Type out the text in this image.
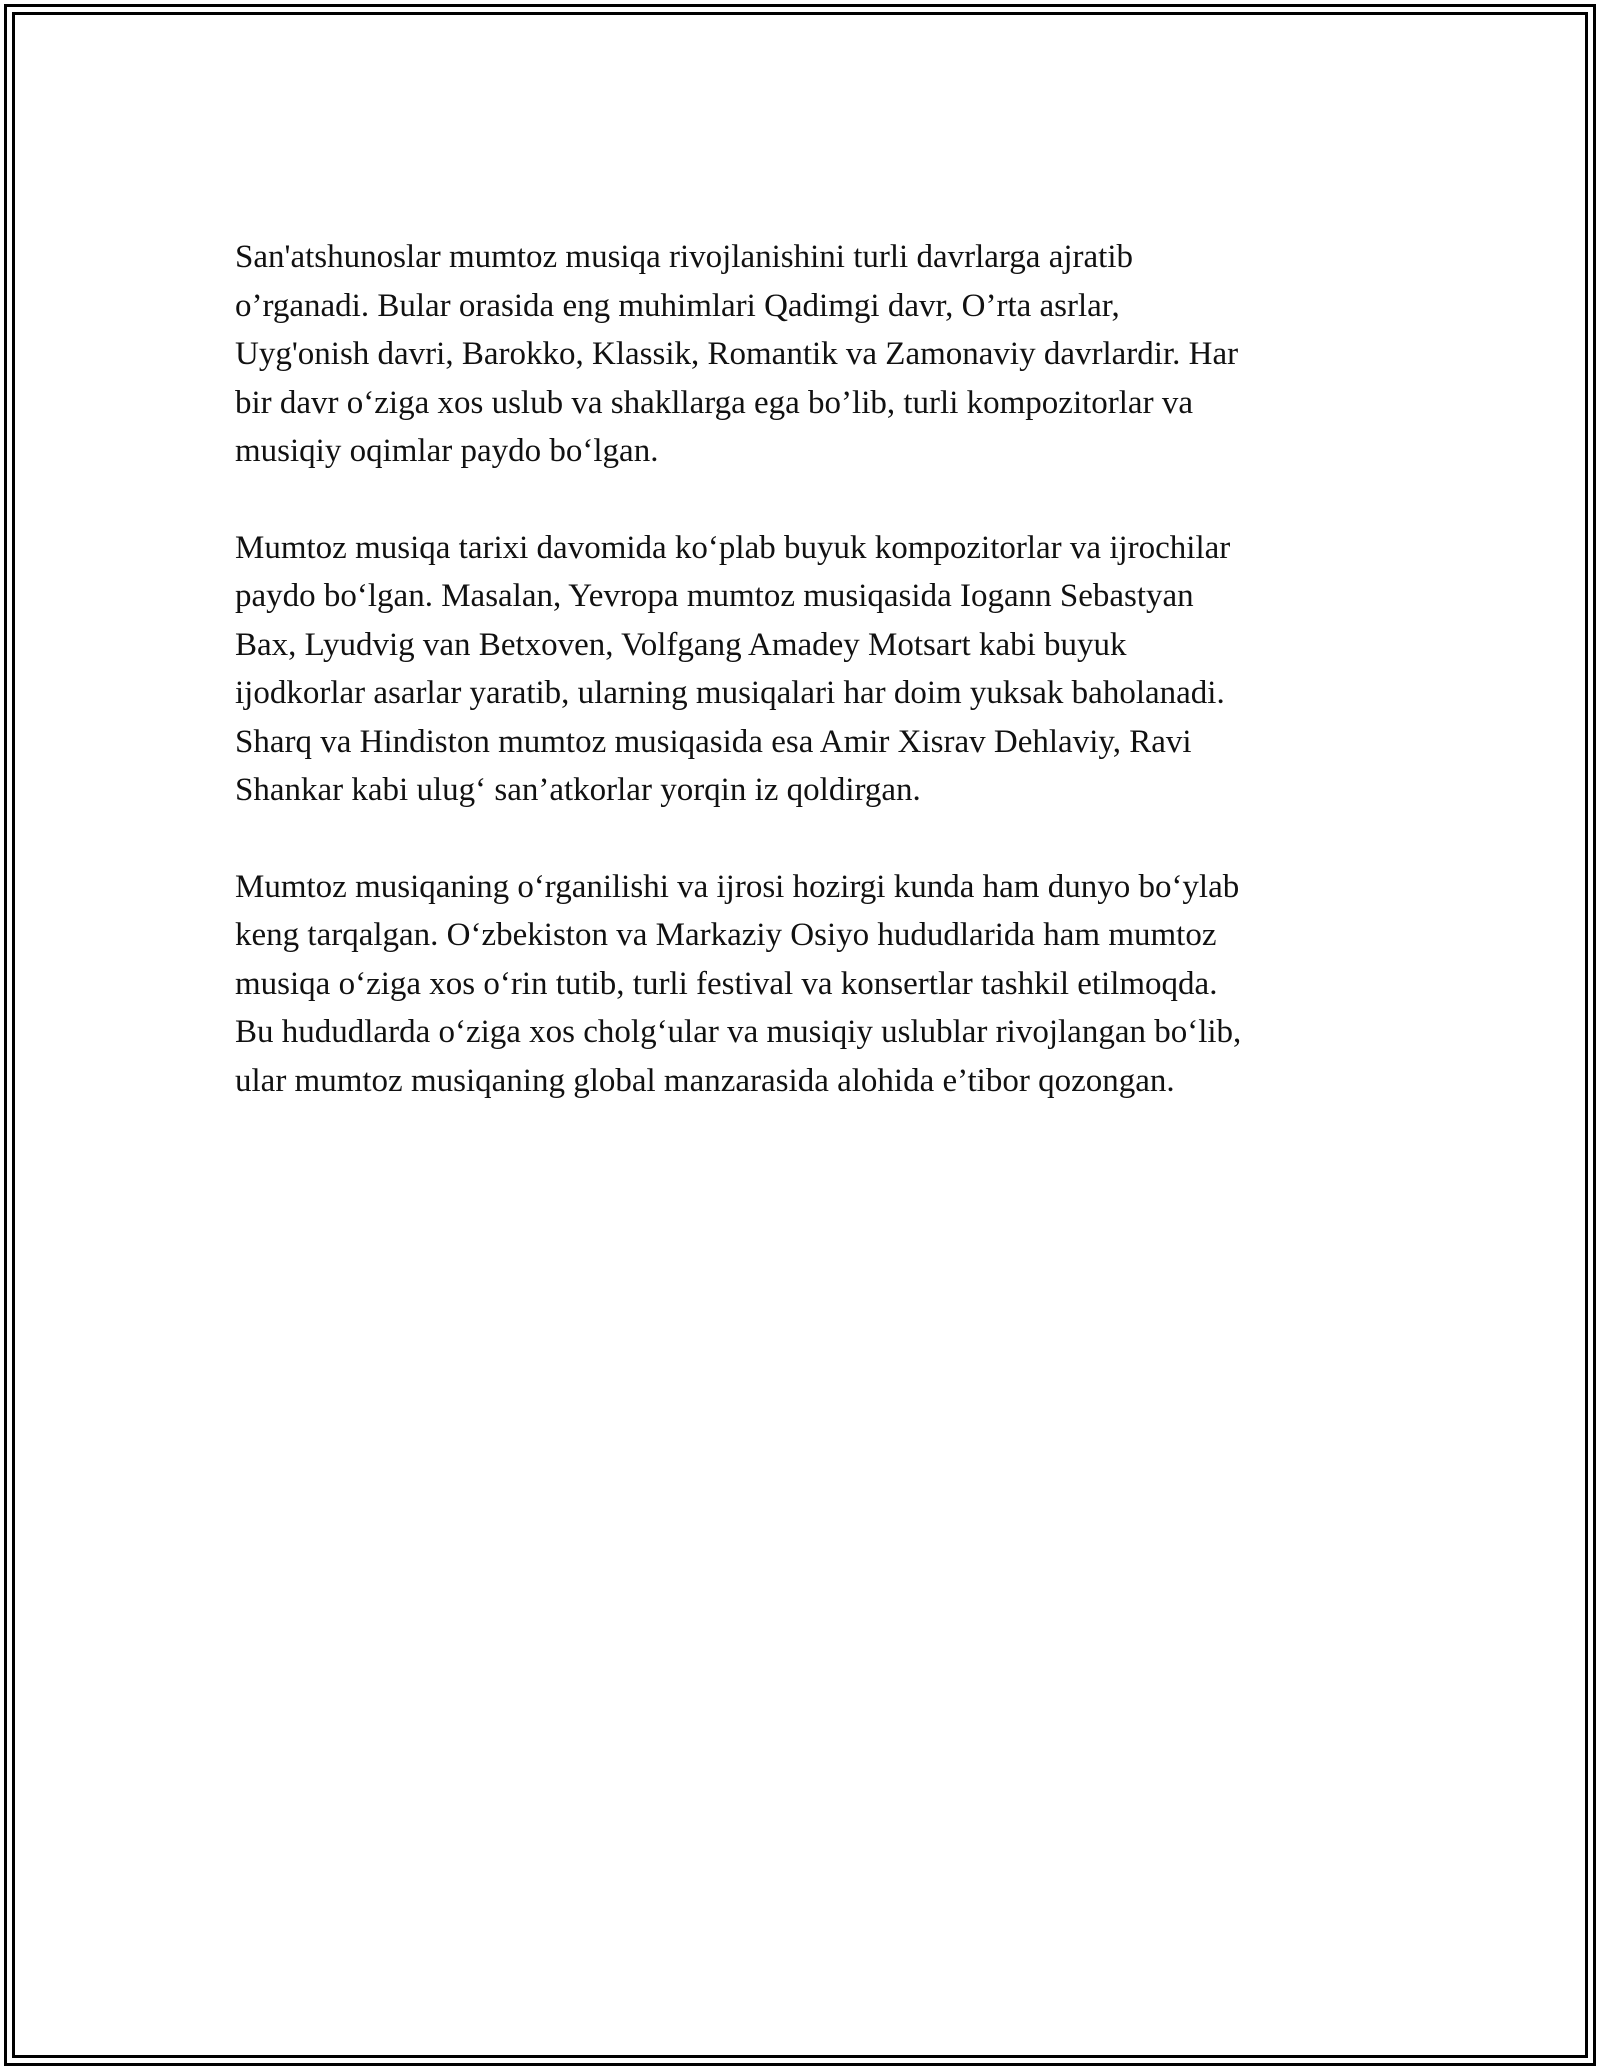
San'atshunoslar mumtoz musiqa rivojlanishini turli davrlarga ajratib
o’rganadi. Bular orasida eng muhimlari Qadimgi davr, O’rta asrlar,
Uyg'onish davri, Barokko, Klassik, Romantik va Zamonaviy davrlardir. Har
bir davr o‘ziga xos uslub va shakllarga ega bo’lib, turli kompozitorlar va
musiqiy oqimlar paydo bo‘lgan.

Mumtoz musiqa tarixi davomida ko‘plab buyuk kompozitorlar va ijrochilar
paydo bo‘lgan. Masalan, Yevropa mumtoz musiqasida Iogann Sebastyan
Bax, Lyudvig van Betxoven, Volfgang Amadey Motsart kabi buyuk
ijodkorlar asarlar yaratib, ularning musiqalari har doim yuksak baholanadi.
Sharq va Hindiston mumtoz musiqasida esa Amir Xisrav Dehlaviy, Ravi
Shankar kabi ulug‘ san’atkorlar yorqin iz qoldirgan.

Mumtoz musiqaning o‘rganilishi va ijrosi hozirgi kunda ham dunyo bo‘ylab
keng tarqalgan. O‘zbekiston va Markaziy Osiyo hududlarida ham mumtoz
musiqa o‘ziga xos o‘rin tutib, turli festival va konsertlar tashkil etilmoqda.
Bu hududlarda o‘ziga xos cholg‘ular va musiqiy uslublar rivojlangan bo‘lib,
ular mumtoz musiqaning global manzarasida alohida e’tibor qozongan.
